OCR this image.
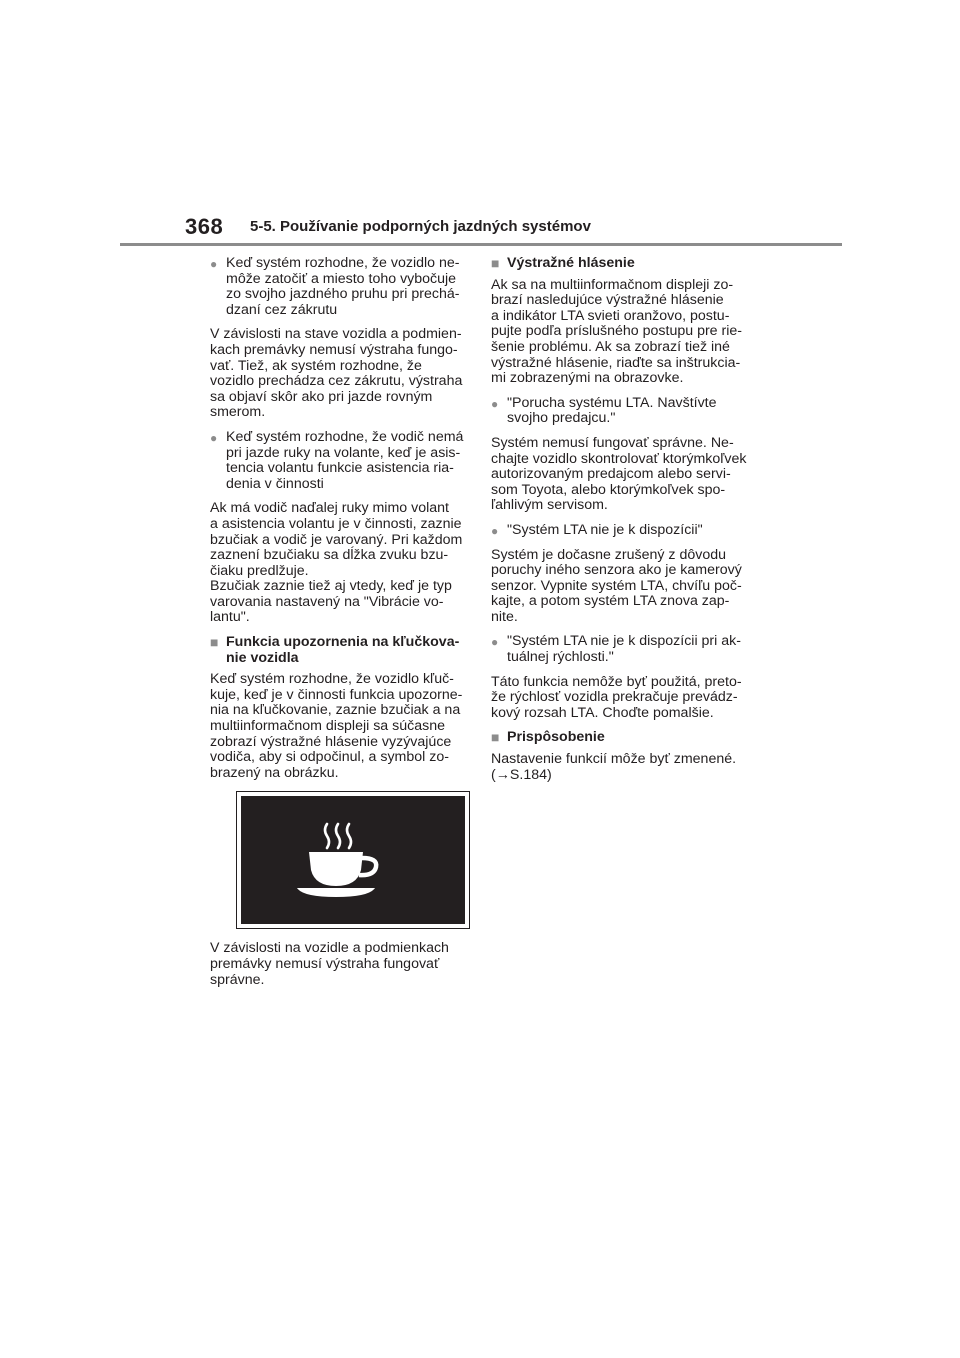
368 5-5. Používanie podporných jazdných systémov
● Keď systém rozhodne, že vozidlo ne-
môže zatočiť a miesto toho vybočuje
zo svojho jazdného pruhu pri prechá-
dzaní cez zákrutu
V závislosti na stave vozidla a podmien-
kach premávky nemusí výstraha fungo-
vať. Tiež, ak systém rozhodne, že
vozidlo prechádza cez zákrutu, výstraha
sa objaví skôr ako pri jazde rovným
smerom.
● Keď systém rozhodne, že vodič nemá
pri jazde ruky na volante, keď je asis-
tencia volantu funkcie asistencia ria-
denia v činnosti
Ak má vodič naďalej ruky mimo volant
a asistencia volantu je v činnosti, zaznie
bzučiak a vodič je varovaný. Pri každom
zaznení bzučiaku sa dĺžka zvuku bzu-
čiaku predlžuje.
Bzučiak zaznie tiež aj vtedy, keď je typ
varovania nastavený na "Vibrácie vo-
lantu".
■ Funkcia upozornenia na kľučkova-
nie vozidla
Keď systém rozhodne, že vozidlo kľuč-
kuje, keď je v činnosti funkcia upozorne-
nia na kľučkovanie, zaznie bzučiak a na
multiinformačnom displeji sa súčasne
zobrazí výstražné hlásenie vyzývajúce
vodiča, aby si odpočinul, a symbol zo-
brazený na obrázku.
V závislosti na vozidle a podmienkach
premávky nemusí výstraha fungovať
správne.
■ Výstražné hlásenie
Ak sa na multiinformačnom displeji zo-
brazí nasledujúce výstražné hlásenie
a indikátor LTA svieti oranžovo, postu-
pujte podľa príslušného postupu pre rie-
šenie problému. Ak sa zobrazí tiež iné
výstražné hlásenie, riaďte sa inštrukcia-
mi zobrazenými na obrazovke.
● "Porucha systému LTA. Navštívte
svojho predajcu."
Systém nemusí fungovať správne. Ne-
chajte vozidlo skontrolovať ktorýmkoľvek
autorizovaným predajcom alebo servi-
som Toyota, alebo ktorýmkoľvek spo-
ľahlivým servisom.
● "Systém LTA nie je k dispozícii"
Systém je dočasne zrušený z dôvodu
poruchy iného senzora ako je kamerový
senzor. Vypnite systém LTA, chvíľu poč-
kajte, a potom systém LTA znova zap-
nite.
● "Systém LTA nie je k dispozícii pri ak-
tuálnej rýchlosti."
Táto funkcia nemôže byť použitá, preto-
že rýchlosť vozidla prekračuje prevádz-
kový rozsah LTA. Choďte pomalšie.
■ Prispôsobenie
Nastavenie funkcií môže byť zmenené.
(→S.184)
